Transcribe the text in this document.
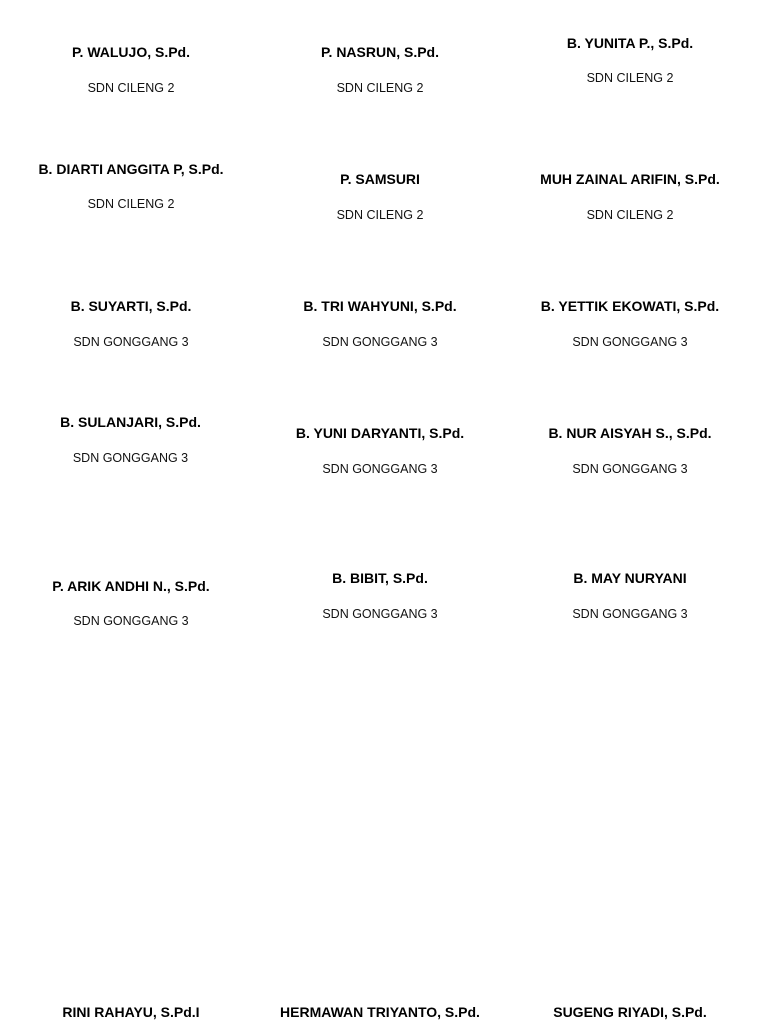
P. WALUJO, S.Pd.
SDN CILENG 2
P. NASRUN, S.Pd.
SDN CILENG 2
B. YUNITA P., S.Pd.
SDN CILENG 2
B. DIARTI ANGGITA P, S.Pd.
SDN CILENG 2
P. SAMSURI
SDN CILENG 2
MUH ZAINAL ARIFIN, S.Pd.
SDN CILENG 2
B. SUYARTI, S.Pd.
SDN GONGGANG 3
B. TRI WAHYUNI, S.Pd.
SDN GONGGANG 3
B. YETTIK EKOWATI, S.Pd.
SDN GONGGANG 3
B. SULANJARI, S.Pd.
SDN GONGGANG 3
B. YUNI DARYANTI, S.Pd.
SDN GONGGANG 3
B. NUR AISYAH S., S.Pd.
SDN GONGGANG 3
P. ARIK ANDHI N., S.Pd.
SDN GONGGANG 3
B. BIBIT, S.Pd.
SDN GONGGANG 3
B. MAY NURYANI
SDN GONGGANG 3
RINI RAHAYU, S.Pd.I	HERMAWAN TRIYANTO, S.Pd.	SUGENG RIYADI, S.Pd.
